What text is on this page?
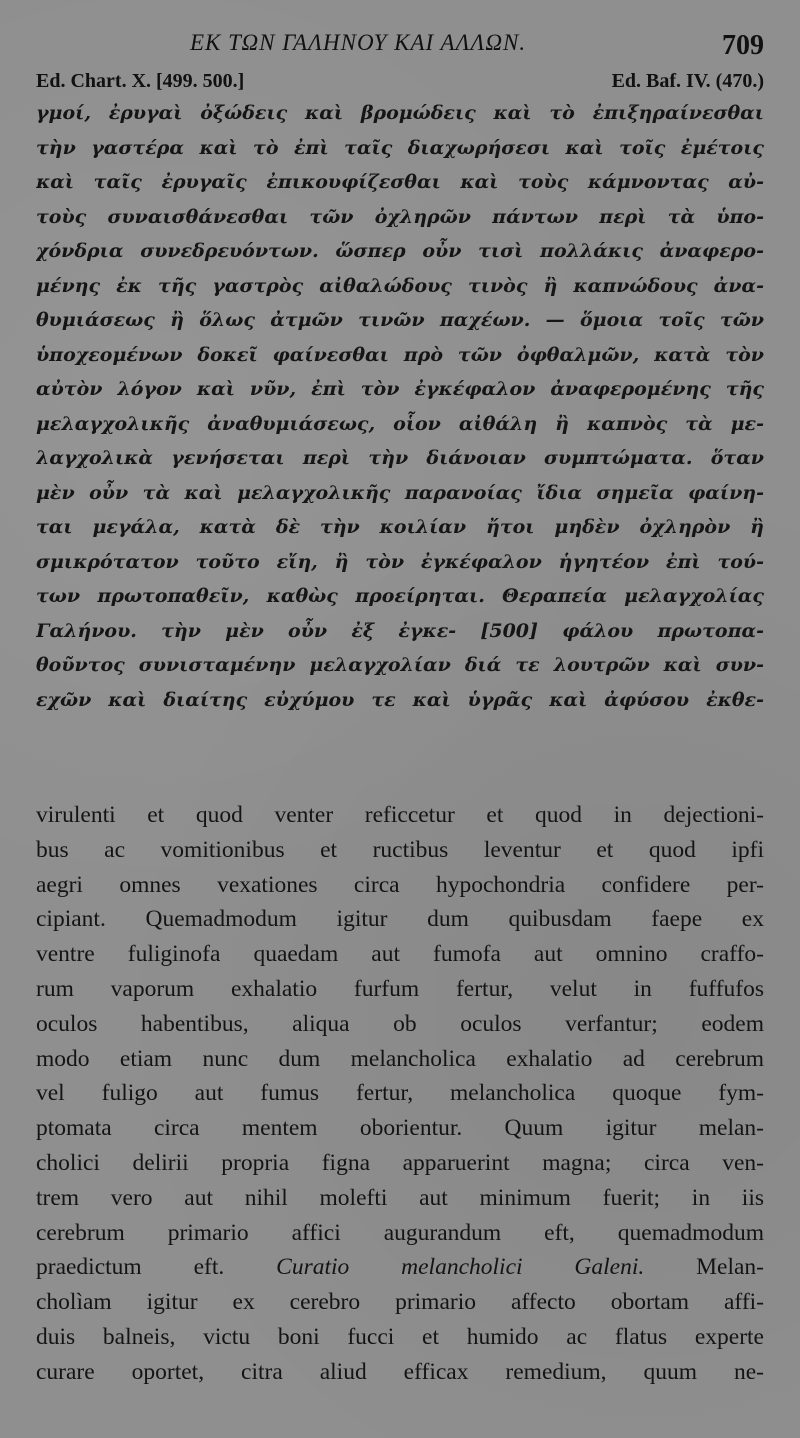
ΕΚ ΤΩΝ ΓΑΛΗΝΟΥ ΚΑΙ ΑΛΛΩΝ.	709
Ed. Chart. X. [499. 500.]	Ed. Baf. IV. (470.)
γμοί, ἐρυγαὶ ὀξώδεις καὶ βρομώδεις καὶ τὸ ἐπιξηραίνεσθαι
τὴν γαστέρα καὶ τὸ ἐπὶ ταῖς διαχωρήσεσι καὶ τοῖς ἐμέτοις
καὶ ταῖς ἐρυγαῖς ἐπικουφίζεσθαι καὶ τοὺς κάμνοντας αὐ-
τοὺς συναισθάνεσθαι τῶν ὀχληρῶν πάντων περὶ τὰ ὑπο-
χόνδρια συνεδρευόντων. ὥσπερ οὖν τισὶ πολλάκις ἀναφερο-
μένης ἐκ τῆς γαστρὸς αἰθαλώδους τινὸς ἢ καπνώδους ἀνα-
θυμιάσεως ἢ ὅλως ἀτμῶν τινῶν παχέων. — ὅμοια τοῖς τῶν
ὑποχεομένων δοκεῖ φαίνεσθαι πρὸ τῶν ὀφθαλμῶν, κατὰ τὸν
αὐτὸν λόγον καὶ νῦν, ἐπὶ τὸν ἐγκέφαλον ἀναφερομένης τῆς
μελαγχολικῆς ἀναθυμιάσεως, οἷον αἰθάλη ἢ καπνὸς τὰ με-
λαγχολικὰ γενήσεται περὶ τὴν διάνοιαν συμπτώματα. ὅταν
μὲν οὖν τὰ καὶ μελαγχολικῆς παρανοίας ἴδια σημεῖα φαίνη-
ται μεγάλα, κατὰ δὲ τὴν κοιλίαν ἤτοι μηδὲν ὀχληρὸν ἢ
σμικρότατον τοῦτο εἴη, ἢ τὸν ἐγκέφαλον ἡγητέον ἐπὶ τού-
των πρωτοπαθεῖν, καθὼς προείρηται. Θεραπεία μελαγχολίας
Γαλήνου. τὴν μὲν οὖν ἐξ ἐγκε- [500] φάλου πρωτοπα-
θοῦντος συνισταμένην μελαγχολίαν διά τε λουτρῶν καὶ συν-
εχῶν καὶ διαίτης εὐχύμου τε καὶ ὑγρᾶς καὶ ἀφύσου ἐκθε-
virulenti et quod venter reficcetur et quod in dejectioni-
bus ac vomitionibus et ructibus leventur et quod ipfi
aegri omnes vexationes circa hypochondria confidere per-
cipiant. Quemadmodum igitur dum quibusdam faepe ex
ventre fuliginofa quaedam aut fumofa aut omnino craffo-
rum vaporum exhalatio furfum fertur, velut in fuffufos
oculos habentibus, aliqua ob oculos verfantur; eodem
modo etiam nunc dum melancholica exhalatio ad cerebrum
vel fuligo aut fumus fertur, melancholica quoque fym-
ptomata circa mentem oborientur. Quum igitur melan-
cholici delirii propria figna apparuerint magna; circa ven-
trem vero aut nihil molefti aut minimum fuerit; in iis
cerebrum primario affici augurandum eft, quemadmodum
praedictum eft. Curatio melancholici Galeni. Melan-
cholìam igitur ex cerebro primario affecto obortam affi-
duis balneis, victu boni fucci et humido ac flatus experte
curare oportet, citra aliud efficax remedium, quum ne-
